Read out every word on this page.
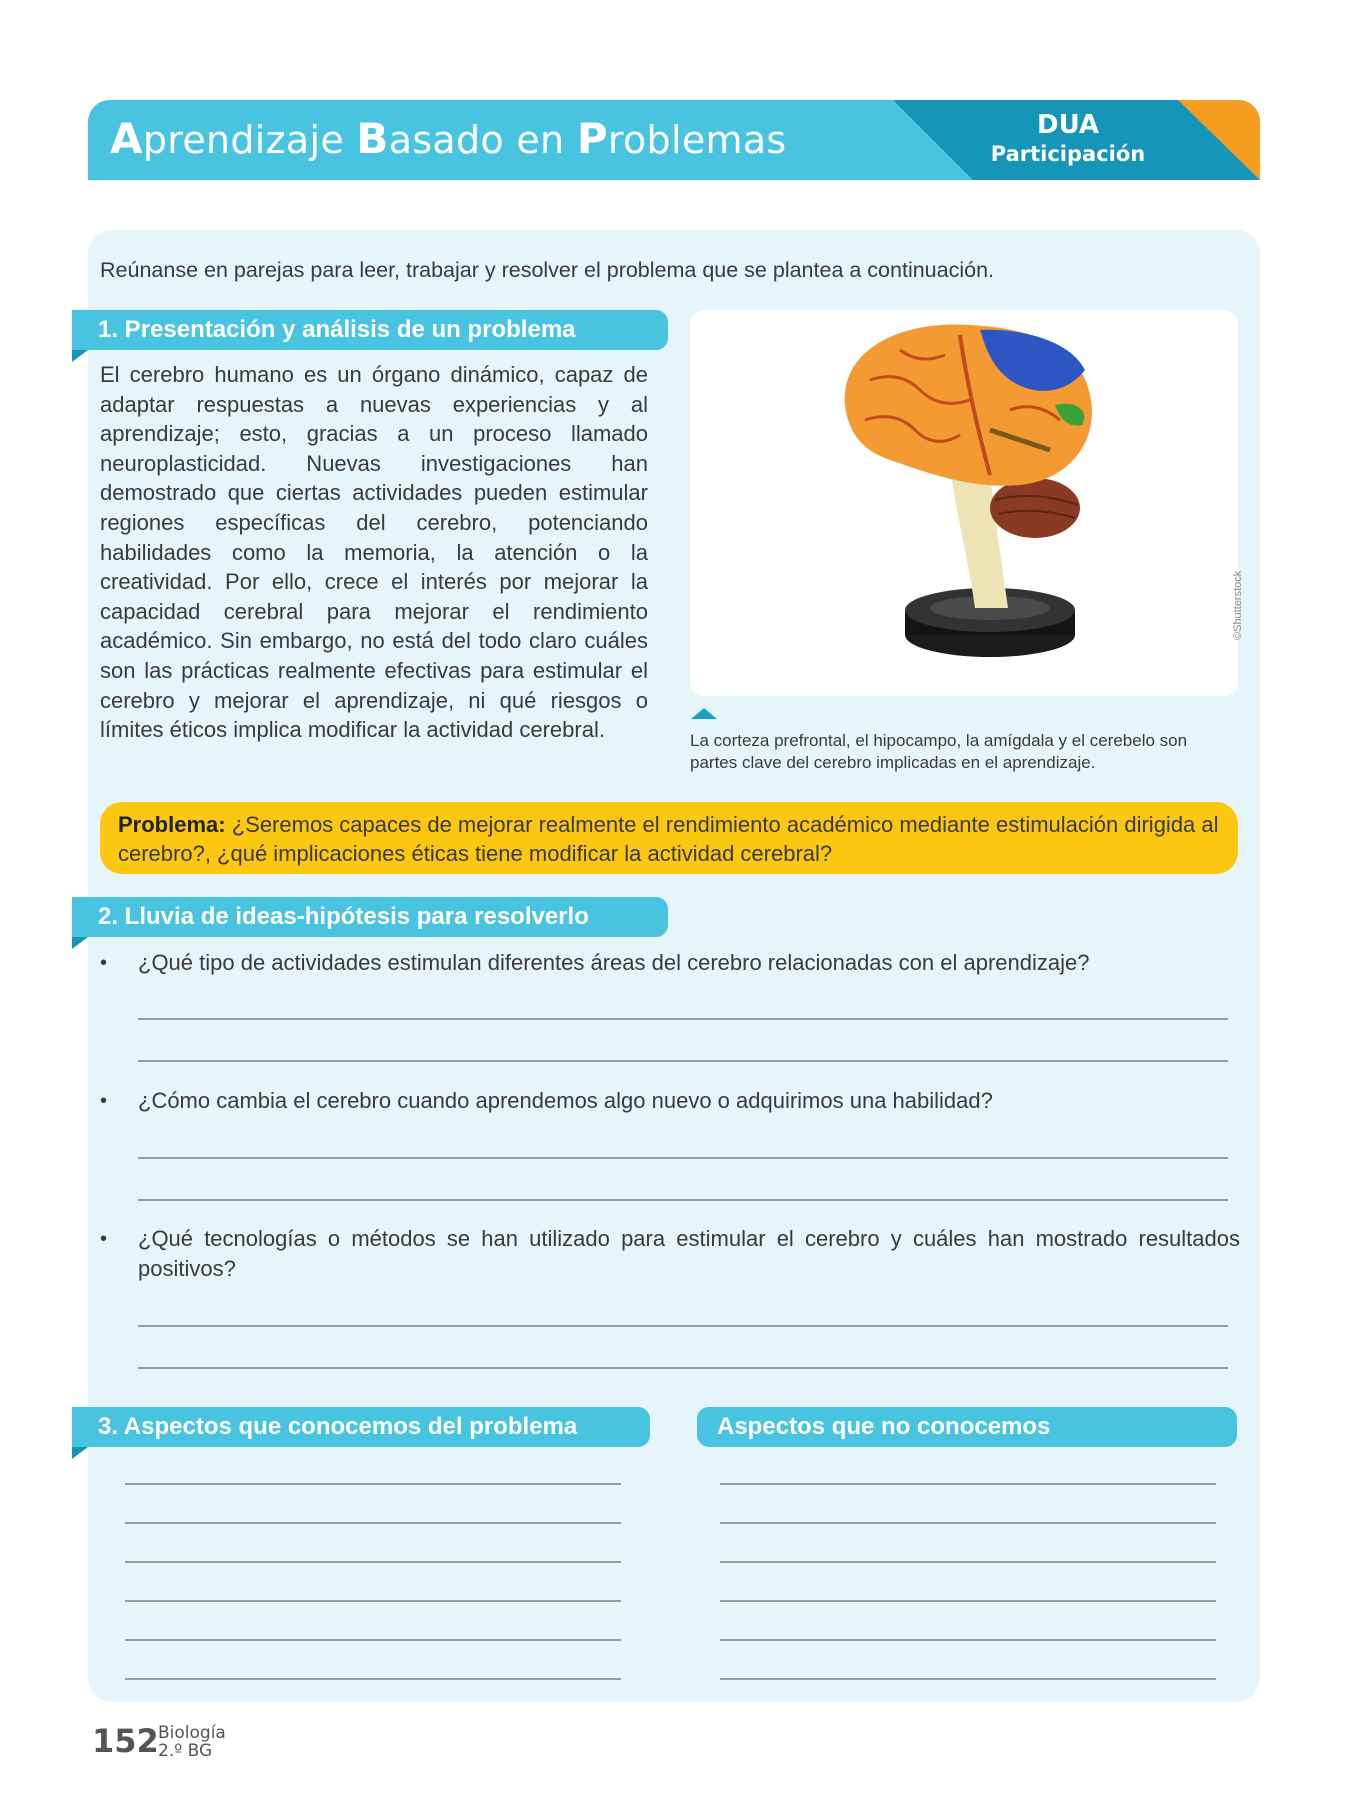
Aprendizaje Basado en Problemas	DUA
Participación
Reúnanse en parejas para leer, trabajar y resolver el problema que se plantea a continuación.
1. Presentación y análisis de un problema
El cerebro humano es un órgano dinámico, capaz de adaptar respuestas a nuevas experiencias y al aprendizaje; esto, gracias a un proceso llamado neuroplasticidad. Nuevas investigaciones han demostrado que ciertas actividades pueden estimular regiones específicas del cerebro, potenciando habilidades como la memoria, la atención o la creatividad. Por ello, crece el interés por mejorar la capacidad cerebral para mejorar el rendimiento académico. Sin embargo, no está del todo claro cuáles son las prácticas realmente efectivas para estimular el cerebro y mejorar el aprendizaje, ni qué riesgos o límites éticos implica modificar la actividad cerebral.
©Shutterstock
La corteza prefrontal, el hipocampo, la amígdala y el cerebelo son partes clave del cerebro implicadas en el aprendizaje.
Problema: ¿Seremos capaces de mejorar realmente el rendimiento académico mediante estimulación dirigida al cerebro?, ¿qué implicaciones éticas tiene modificar la actividad cerebral?
2. Lluvia de ideas-hipótesis para resolverlo
• ¿Qué tipo de actividades estimulan diferentes áreas del cerebro relacionadas con el aprendizaje?
• ¿Cómo cambia el cerebro cuando aprendemos algo nuevo o adquirimos una habilidad?
• ¿Qué tecnologías o métodos se han utilizado para estimular el cerebro y cuáles han mostrado resultados positivos?
3. Aspectos que conocemos del problema	Aspectos que no conocemos
152 Biología
2.º BG
